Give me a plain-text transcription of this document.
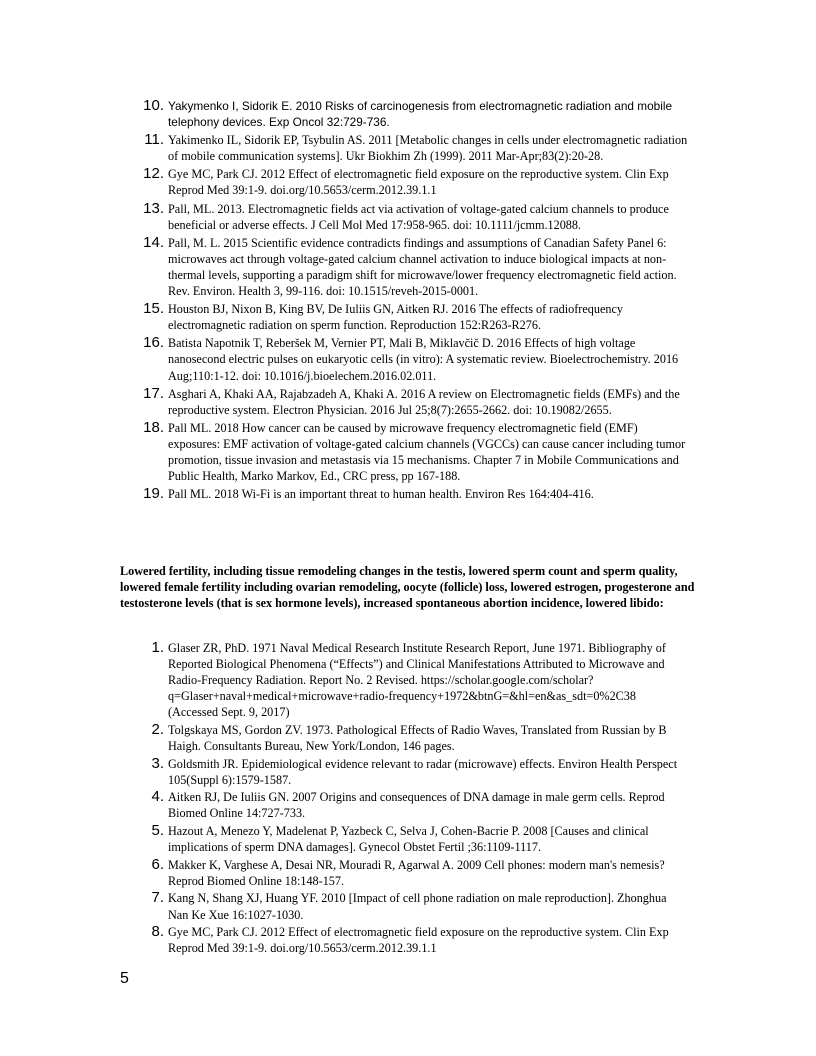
10. Yakymenko I, Sidorik E. 2010 Risks of carcinogenesis from electromagnetic radiation and mobile telephony devices. Exp Oncol 32:729-736.
11. Yakimenko IL, Sidorik EP, Tsybulin AS. 2011 [Metabolic changes in cells under electromagnetic radiation of mobile communication systems]. Ukr Biokhim Zh (1999). 2011 Mar-Apr;83(2):20-28.
12. Gye MC, Park CJ. 2012 Effect of electromagnetic field exposure on the reproductive system. Clin Exp Reprod Med 39:1-9. doi.org/10.5653/cerm.2012.39.1.1
13. Pall, ML. 2013. Electromagnetic fields act via activation of voltage-gated calcium channels to produce beneficial or adverse effects. J Cell Mol Med 17:958-965. doi: 10.1111/jcmm.12088.
14. Pall, M. L. 2015 Scientific evidence contradicts findings and assumptions of Canadian Safety Panel 6: microwaves act through voltage-gated calcium channel activation to induce biological impacts at non-thermal levels, supporting a paradigm shift for microwave/lower frequency electromagnetic field action. Rev. Environ. Health 3, 99-116. doi: 10.1515/reveh-2015-0001.
15. Houston BJ, Nixon B, King BV, De Iuliis GN, Aitken RJ. 2016 The effects of radiofrequency electromagnetic radiation on sperm function. Reproduction 152:R263-R276.
16. Batista Napotnik T, Reberšek M, Vernier PT, Mali B, Miklavčič D. 2016 Effects of high voltage nanosecond electric pulses on eukaryotic cells (in vitro): A systematic review. Bioelectrochemistry. 2016 Aug;110:1-12. doi: 10.1016/j.bioelechem.2016.02.011.
17. Asghari A, Khaki AA, Rajabzadeh A, Khaki A. 2016 A review on Electromagnetic fields (EMFs) and the reproductive system. Electron Physician. 2016 Jul 25;8(7):2655-2662. doi: 10.19082/2655.
18. Pall ML. 2018 How cancer can be caused by microwave frequency electromagnetic field (EMF) exposures: EMF activation of voltage-gated calcium channels (VGCCs) can cause cancer including tumor promotion, tissue invasion and metastasis via 15 mechanisms. Chapter 7 in Mobile Communications and Public Health, Marko Markov, Ed., CRC press, pp 167-188.
19. Pall ML. 2018 Wi-Fi is an important threat to human health. Environ Res 164:404-416.
Lowered fertility, including tissue remodeling changes in the testis, lowered sperm count and sperm quality, lowered female fertility including ovarian remodeling, oocyte (follicle) loss, lowered estrogen, progesterone and testosterone levels (that is sex hormone levels), increased spontaneous abortion incidence, lowered libido:
1. Glaser ZR, PhD. 1971 Naval Medical Research Institute Research Report, June 1971. Bibliography of Reported Biological Phenomena (“Effects”) and Clinical Manifestations Attributed to Microwave and Radio-Frequency Radiation. Report No. 2 Revised. https://scholar.google.com/scholar?q=Glaser+naval+medical+microwave+radio-frequency+1972&btnG=&hl=en&as_sdt=0%2C38 (Accessed Sept. 9, 2017)
2. Tolgskaya MS, Gordon ZV. 1973. Pathological Effects of Radio Waves, Translated from Russian by B Haigh. Consultants Bureau, New York/London, 146 pages.
3. Goldsmith JR. Epidemiological evidence relevant to radar (microwave) effects. Environ Health Perspect 105(Suppl 6):1579-1587.
4. Aitken RJ, De Iuliis GN. 2007 Origins and consequences of DNA damage in male germ cells. Reprod Biomed Online 14:727-733.
5. Hazout A, Menezo Y, Madelenat P, Yazbeck C, Selva J, Cohen-Bacrie P. 2008 [Causes and clinical implications of sperm DNA damages]. Gynecol Obstet Fertil ;36:1109-1117.
6. Makker K, Varghese A, Desai NR, Mouradi R, Agarwal A. 2009 Cell phones: modern man's nemesis? Reprod Biomed Online 18:148-157.
7. Kang N, Shang XJ, Huang YF. 2010 [Impact of cell phone radiation on male reproduction]. Zhonghua Nan Ke Xue 16:1027-1030.
8. Gye MC, Park CJ. 2012 Effect of electromagnetic field exposure on the reproductive system. Clin Exp Reprod Med 39:1-9. doi.org/10.5653/cerm.2012.39.1.1
5
